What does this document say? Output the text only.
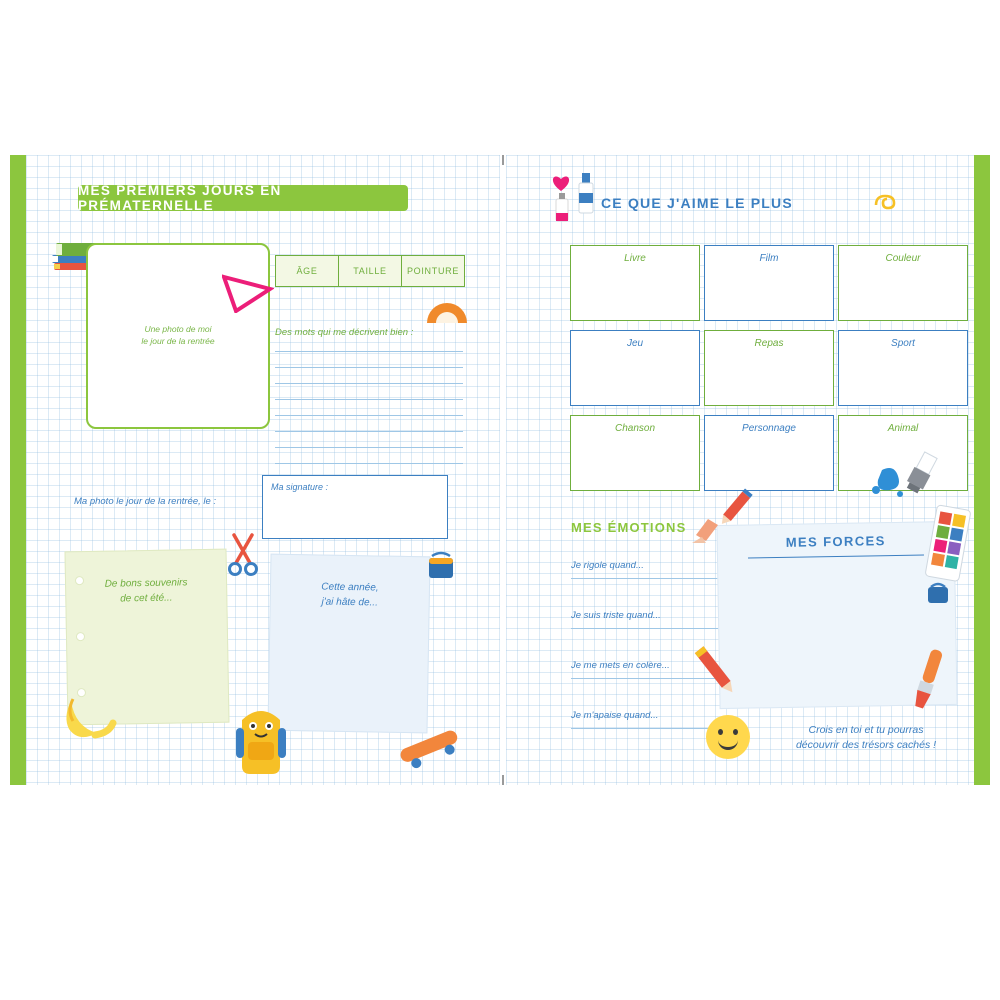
MES PREMIERS JOURS EN PRÉMATERNELLE
Une photo de moi
le jour de la rentrée
ÂGE	TAILLE	POINTURE
Des mots qui me décrivent bien :
Ma photo le jour de la rentrée, le :
Ma signature :
De bons souvenirs
de cet été...
Cette année,
j'ai hâte de...
CE QUE J'AIME LE PLUS
Livre	Film	Couleur
Jeu	Repas	Sport
Chanson	Personnage	Animal
MES ÉMOTIONS
Je rigole quand...
Je suis triste quand...
Je me mets en colère...
Je m'apaise quand...
MES FORCES
Crois en toi et tu pourras
découvrir des trésors cachés !
